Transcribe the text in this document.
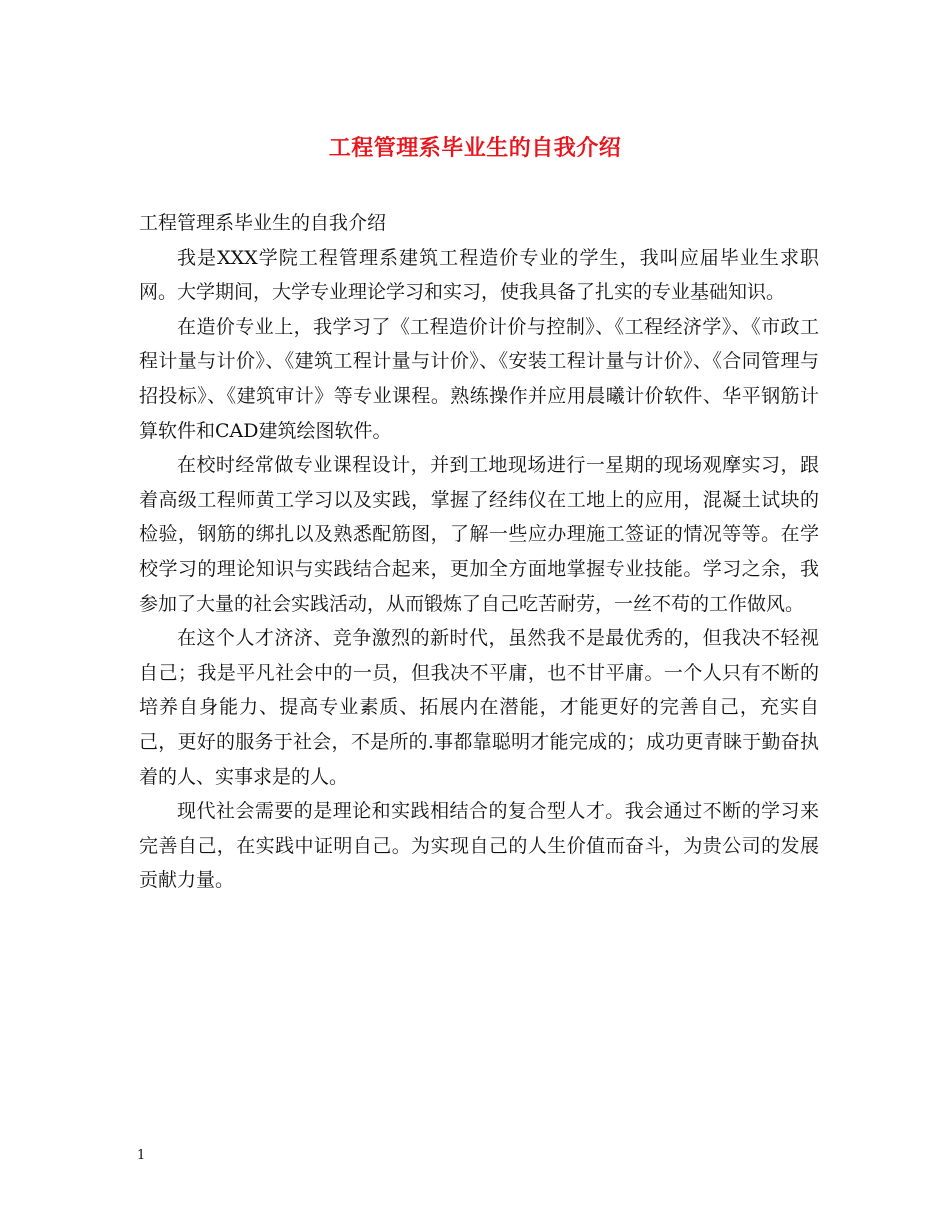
工程管理系毕业生的自我介绍

工程管理系毕业生的自我介绍

我是XXX学院工程管理系建筑工程造价专业的学生，我叫应届毕业生求职网。大学期间，大学专业理论学习和实习，使我具备了扎实的专业基础知识。

在造价专业上，我学习了《工程造价计价与控制》、《工程经济学》、《市政工程计量与计价》、《建筑工程计量与计价》、《安装工程计量与计价》、《合同管理与招投标》、《建筑审计》等专业课程。熟练操作并应用晨曦计价软件、华平钢筋计算软件和CAD建筑绘图软件。

在校时经常做专业课程设计，并到工地现场进行一星期的现场观摩实习，跟着高级工程师黄工学习以及实践，掌握了经纬仪在工地上的应用，混凝土试块的检验，钢筋的绑扎以及熟悉配筋图，了解一些应办理施工签证的情况等等。在学校学习的理论知识与实践结合起来，更加全方面地掌握专业技能。学习之余，我参加了大量的社会实践活动，从而锻炼了自己吃苦耐劳，一丝不苟的工作做风。

在这个人才济济、竞争激烈的新时代，虽然我不是最优秀的，但我决不轻视自己；我是平凡社会中的一员，但我决不平庸，也不甘平庸。一个人只有不断的培养自身能力、提高专业素质、拓展内在潜能，才能更好的完善自己，充实自己，更好的服务于社会，不是所的.事都靠聪明才能完成的；成功更青睐于勤奋执着的人、实事求是的人。

现代社会需要的是理论和实践相结合的复合型人才。我会通过不断的学习来完善自己，在实践中证明自己。为实现自己的人生价值而奋斗，为贵公司的发展贡献力量。

1
